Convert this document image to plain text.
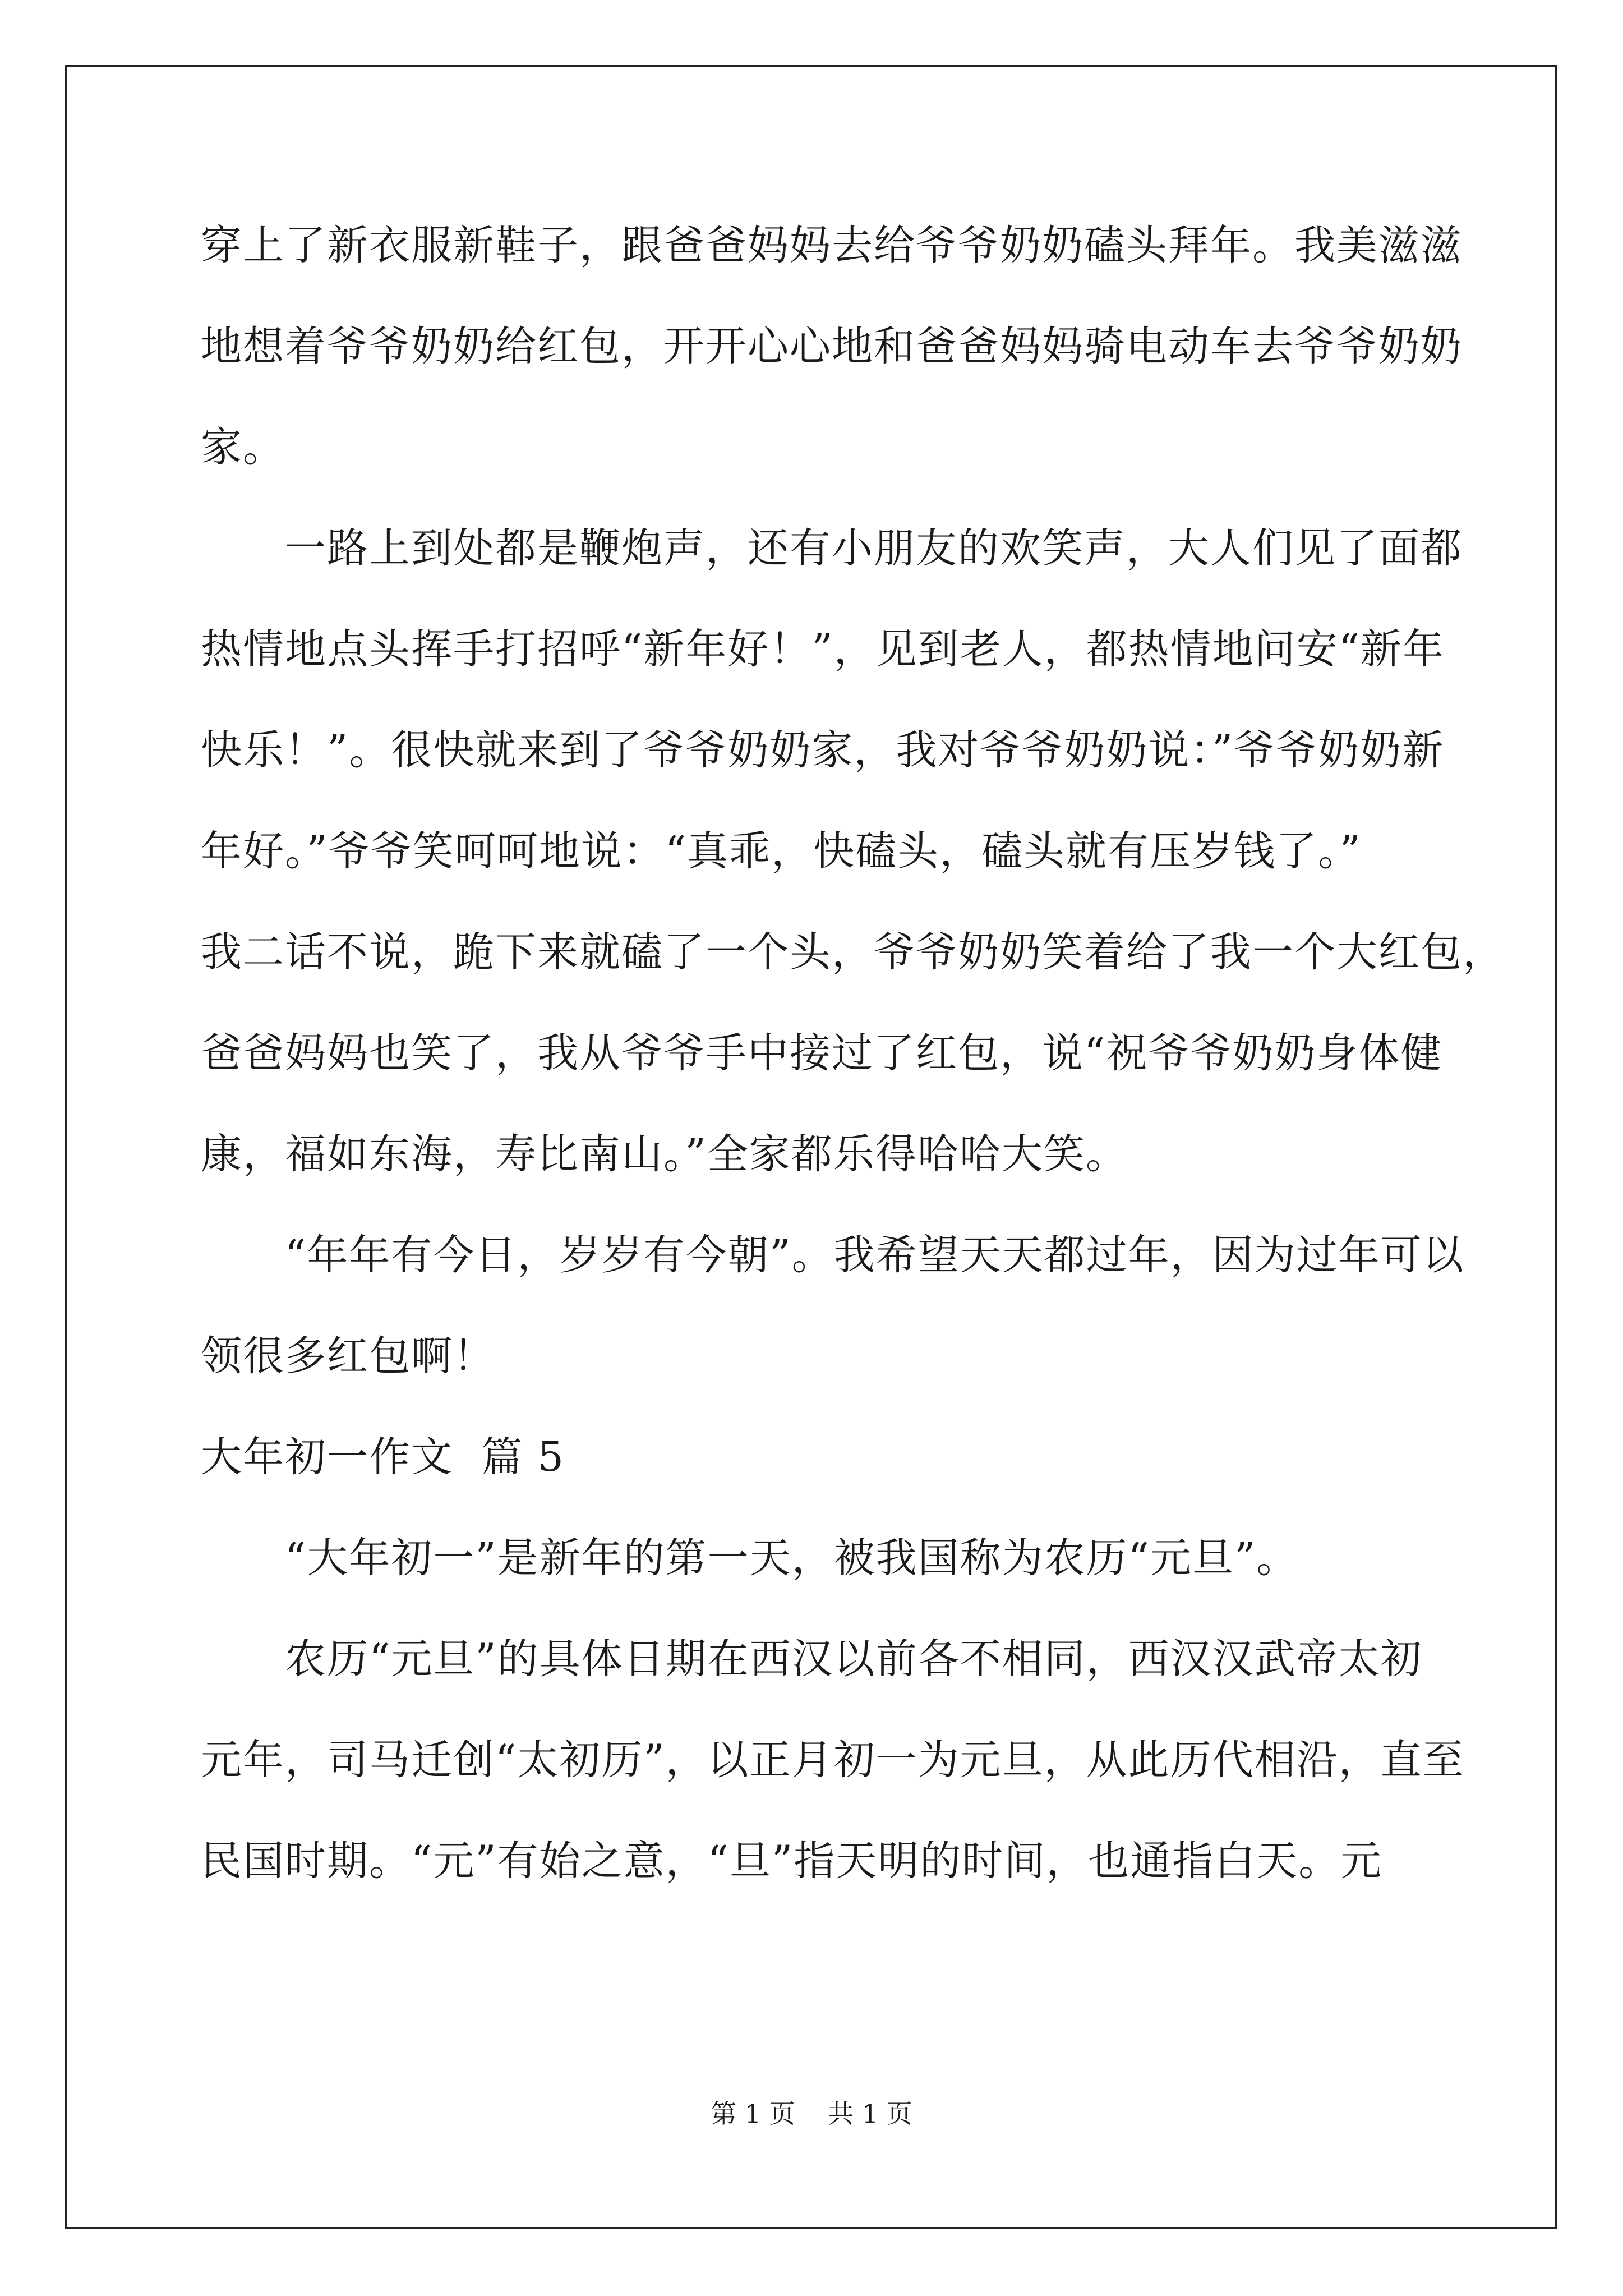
穿上了新衣服新鞋子，跟爸爸妈妈去给爷爷奶奶磕头拜年。我美滋滋

地想着爷爷奶奶给红包，开开心心地和爸爸妈妈骑电动车去爷爷奶奶

家。

一路上到处都是鞭炮声，还有小朋友的欢笑声，大人们见了面都

热情地点头挥手打招呼“新年好！”，见到老人，都热情地问安“新年

快乐！”。很快就来到了爷爷奶奶家，我对爷爷奶奶说：”爷爷奶奶新

年好。”爷爷笑呵呵地说：“真乖，快磕头，磕头就有压岁钱了。”

我二话不说，跪下来就磕了一个头，爷爷奶奶笑着给了我一个大红包，

爸爸妈妈也笑了，我从爷爷手中接过了红包，说“祝爷爷奶奶身体健

康，福如东海，寿比南山。”全家都乐得哈哈大笑。

“年年有今日，岁岁有今朝”。我希望天天都过年，因为过年可以

领很多红包啊！

大年初一作文  篇 5

“大年初一”是新年的第一天，被我国称为农历“元旦”。

农历“元旦”的具体日期在西汉以前各不相同，西汉汉武帝太初

元年，司马迁创“太初历”，以正月初一为元旦，从此历代相沿，直至

民国时期。“元”有始之意，“旦”指天明的时间，也通指白天。元

第 1 页    共 1 页
